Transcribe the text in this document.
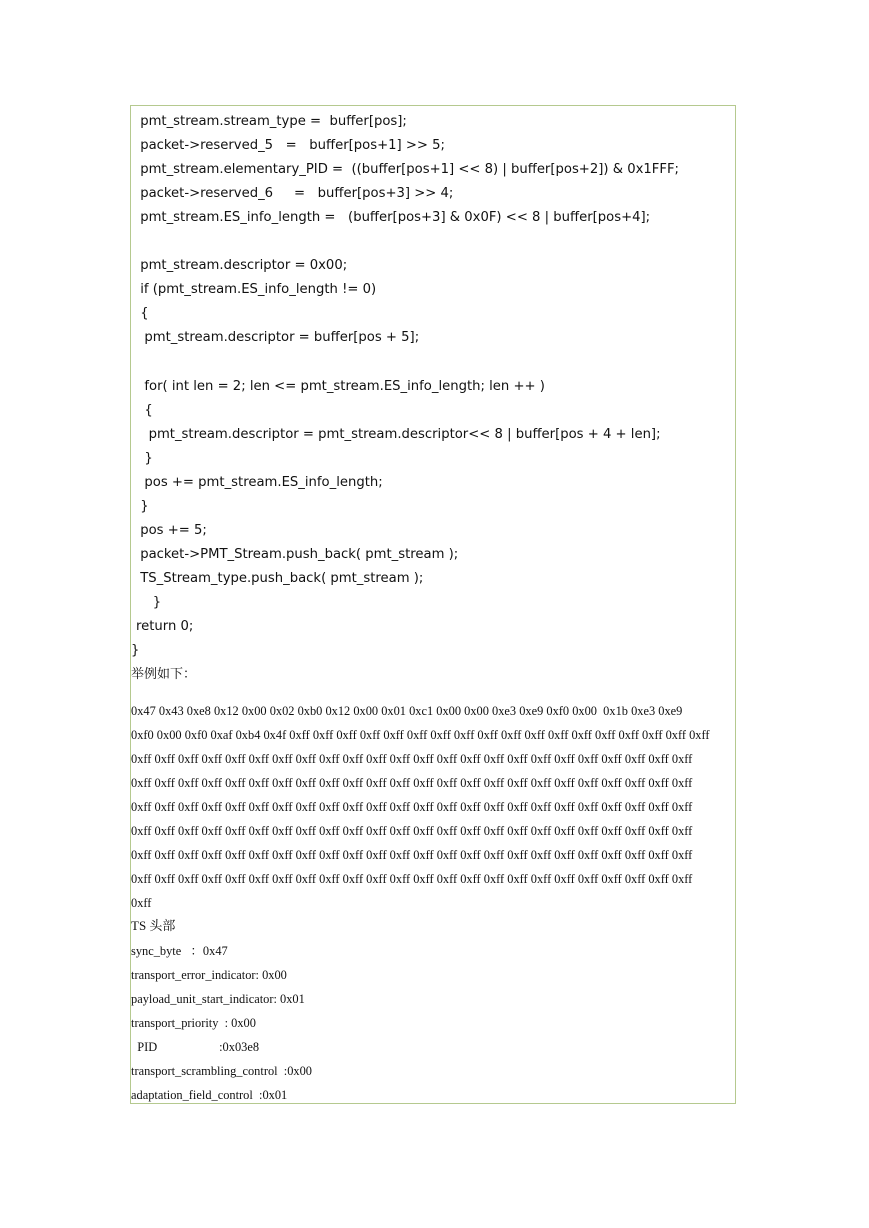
pmt_stream.stream_type =  buffer[pos];
packet->reserved_5   =   buffer[pos+1] >> 5;
pmt_stream.elementary_PID =  ((buffer[pos+1] << 8) | buffer[pos+2]) & 0x1FFF;
packet->reserved_6     =   buffer[pos+3] >> 4;
pmt_stream.ES_info_length =   (buffer[pos+3] & 0x0F) << 8 | buffer[pos+4];
pmt_stream.descriptor = 0x00;
if (pmt_stream.ES_info_length != 0)
{
pmt_stream.descriptor = buffer[pos + 5];
for( int len = 2; len <= pmt_stream.ES_info_length; len ++ )
{
pmt_stream.descriptor = pmt_stream.descriptor<< 8 | buffer[pos + 4 + len];
}
pos += pmt_stream.ES_info_length;
}
pos += 5;
packet->PMT_Stream.push_back( pmt_stream );
TS_Stream_type.push_back( pmt_stream );
}
return 0;
}
举例如下：
0x47 0x43 0xe8 0x12 0x00 0x02 0xb0 0x12 0x00 0x01 0xc1 0x00 0x00 0xe3 0xe9 0xf0 0x00  0x1b 0xe3 0xe9
0xf0 0x00 0xf0 0xaf 0xb4 0x4f 0xff 0xff 0xff 0xff 0xff 0xff 0xff 0xff 0xff 0xff 0xff 0xff 0xff 0xff 0xff 0xff 0xff 0xff
0xff 0xff 0xff 0xff 0xff 0xff 0xff 0xff 0xff 0xff 0xff 0xff 0xff 0xff 0xff 0xff 0xff 0xff 0xff 0xff 0xff 0xff 0xff 0xff
0xff 0xff 0xff 0xff 0xff 0xff 0xff 0xff 0xff 0xff 0xff 0xff 0xff 0xff 0xff 0xff 0xff 0xff 0xff 0xff 0xff 0xff 0xff 0xff
0xff 0xff 0xff 0xff 0xff 0xff 0xff 0xff 0xff 0xff 0xff 0xff 0xff 0xff 0xff 0xff 0xff 0xff 0xff 0xff 0xff 0xff 0xff 0xff
0xff 0xff 0xff 0xff 0xff 0xff 0xff 0xff 0xff 0xff 0xff 0xff 0xff 0xff 0xff 0xff 0xff 0xff 0xff 0xff 0xff 0xff 0xff 0xff
0xff 0xff 0xff 0xff 0xff 0xff 0xff 0xff 0xff 0xff 0xff 0xff 0xff 0xff 0xff 0xff 0xff 0xff 0xff 0xff 0xff 0xff 0xff 0xff
0xff 0xff 0xff 0xff 0xff 0xff 0xff 0xff 0xff 0xff 0xff 0xff 0xff 0xff 0xff 0xff 0xff 0xff 0xff 0xff 0xff 0xff 0xff 0xff
0xff
TS 头部
sync_byte   ：0x47
transport_error_indicator: 0x00
payload_unit_start_indicator: 0x01
transport_priority  : 0x00
PID                    :0x03e8
transport_scrambling_control  :0x00
adaptation_field_control  :0x01
